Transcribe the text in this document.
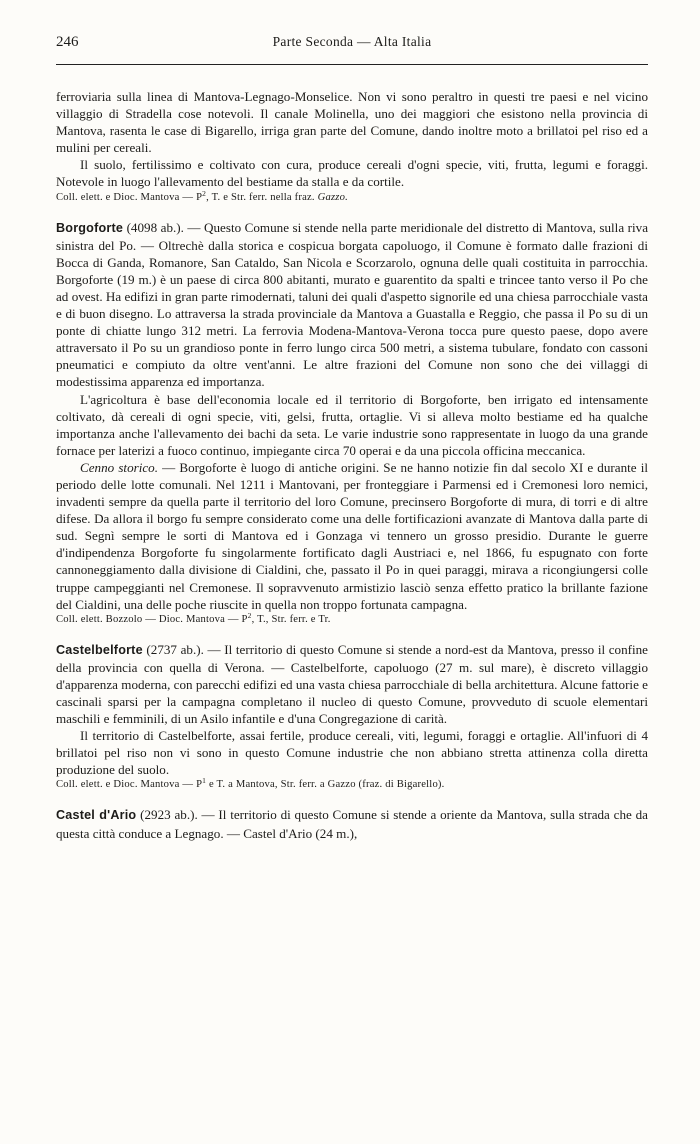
246	Parte Seconda — Alta Italia

ferroviaria sulla linea di Mantova-Legnago-Monselice. Non vi sono peraltro in questi tre paesi e nel vicino villaggio di Stradella cose notevoli. Il canale Molinella, uno dei maggiori che esistono nella provincia di Mantova, rasenta le case di Bigarello, irriga gran parte del Comune, dando inoltre moto a brillatoi pel riso ed a mulini per cereali.

Il suolo, fertilissimo e coltivato con cura, produce cereali d'ogni specie, viti, frutta, legumi e foraggi. Notevole in luogo l'allevamento del bestiame da stalla e da cortile.

Coll. elett. e Dioc. Mantova — $P^2$, T. e Str. ferr. nella fraz. Gazzo.

Borgoforte (4098 ab.). — Questo Comune si stende nella parte meridionale del distretto di Mantova, sulla riva sinistra del Po. — Oltrechè dalla storica e cospicua borgata capoluogo, il Comune è formato dalle frazioni di Bocca di Ganda, Romanore, San Cataldo, San Nicola e Scorzarolo, ognuna delle quali costituita in parrocchia. Borgoforte (19 m.) è un paese di circa 800 abitanti, murato e guarentito da spalti e trincee tanto verso il Po che ad ovest. Ha edifizi in gran parte rimodernati, taluni dei quali d'aspetto signorile ed una chiesa parrocchiale vasta e di buon disegno. Lo attraversa la strada provinciale da Mantova a Guastalla e Reggio, che passa il Po su di un ponte di chiatte lungo 312 metri. La ferrovia Modena-Mantova-Verona tocca pure questo paese, dopo avere attraversato il Po su un grandioso ponte in ferro lungo circa 500 metri, a sistema tubulare, fondato con cassoni pneumatici e compiuto da oltre vent'anni. Le altre frazioni del Comune non sono che dei villaggi di modestissima apparenza ed importanza.

L'agricoltura è base dell'economia locale ed il territorio di Borgoforte, ben irrigato ed intensamente coltivato, dà cereali di ogni specie, viti, gelsi, frutta, ortaglie. Vi si alleva molto bestiame ed ha qualche importanza anche l'allevamento dei bachi da seta. Le varie industrie sono rappresentate in luogo da una grande fornace per laterizi a fuoco continuo, impiegante circa 70 operai e da una piccola officina meccanica.

Cenno storico. — Borgoforte è luogo di antiche origini. Se ne hanno notizie fin dal secolo XI e durante il periodo delle lotte comunali. Nel 1211 i Mantovani, per fronteggiare i Parmensi ed i Cremonesi loro nemici, invadenti sempre da quella parte il territorio del loro Comune, precinsero Borgoforte di mura, di torri e di altre difese. Da allora il borgo fu sempre considerato come una delle fortificazioni avanzate di Mantova dalla parte di sud. Segnì sempre le sorti di Mantova ed i Gonzaga vi tennero un grosso presidio. Durante le guerre d'indipendenza Borgoforte fu singolarmente fortificato dagli Austriaci e, nel 1866, fu espugnato con forte cannoneggiamento dalla divisione di Cialdini, che, passato il Po in quei paraggi, mirava a ricongiungersi colle truppe campeggianti nel Cremonese. Il sopravvenuto armistizio lasciò senza effetto pratico la brillante fazione del Cialdini, una delle poche riuscite in quella non troppo fortunata campagna.

Coll. elett. Bozzolo — Dioc. Mantova — $P^2$, T., Str. ferr. e Tr.

Castelbelforte (2737 ab.). — Il territorio di questo Comune si stende a nord-est da Mantova, presso il confine della provincia con quella di Verona. — Castelbelforte, capoluogo (27 m. sul mare), è discreto villaggio d'apparenza moderna, con parecchi edifizi ed una vasta chiesa parrocchiale di bella architettura. Alcune fattorie e cascinali sparsi per la campagna completano il nucleo di questo Comune, provveduto di scuole elementari maschili e femminili, di un Asilo infantile e d'una Congregazione di carità.

Il territorio di Castelbelforte, assai fertile, produce cereali, viti, legumi, foraggi e ortaglie. All'infuori di 4 brillatoi pel riso non vi sono in questo Comune industrie che non abbiano stretta attinenza colla diretta produzione del suolo.

Coll. elett. e Dioc. Mantova — $P^1$ e T. a Mantova, Str. ferr. a Gazzo (fraz. di Bigarello).

Castel d'Ario (2923 ab.). — Il territorio di questo Comune si stende a oriente da Mantova, sulla strada che da questa città conduce a Legnago. — Castel d'Ario (24 m.),
